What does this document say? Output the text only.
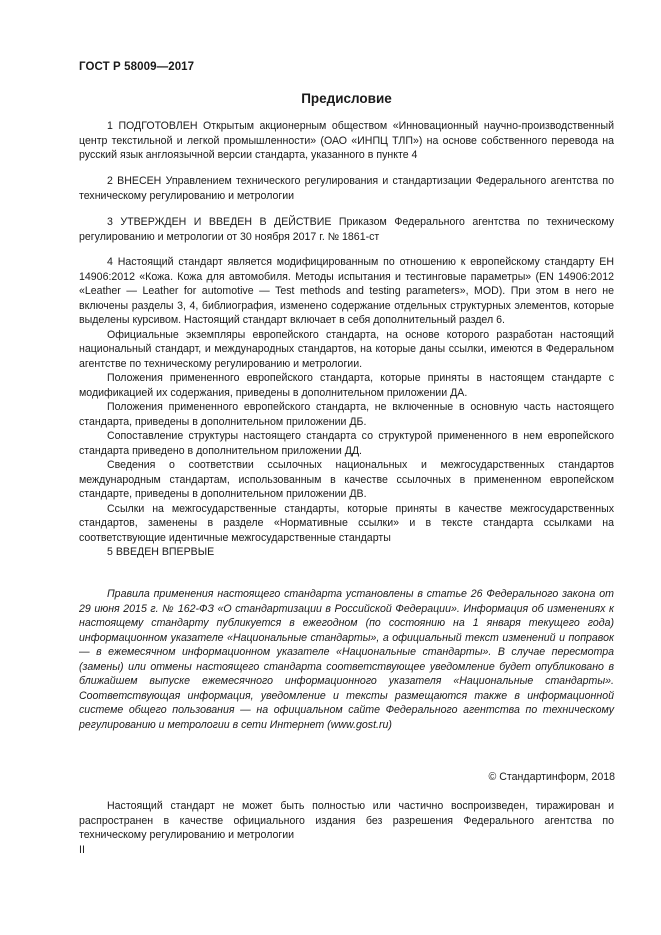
ГОСТ Р 58009—2017
Предисловие

1 ПОДГОТОВЛЕН Открытым акционерным обществом «Инновационный научно-производственный центр текстильной и легкой промышленности» (ОАО «ИНПЦ ТЛП») на основе собственного перевода на русский язык англоязычной версии стандарта, указанного в пункте 4

2 ВНЕСЕН Управлением технического регулирования и стандартизации Федерального агентства по техническому регулированию и метрологии

3 УТВЕРЖДЕН И ВВЕДЕН В ДЕЙСТВИЕ Приказом Федерального агентства по техническому регулированию и метрологии от 30 ноября 2017 г. № 1861-ст

4 Настоящий стандарт является модифицированным по отношению к европейскому стандарту ЕН 14906:2012 «Кожа. Кожа для автомобиля. Методы испытания и тестинговые параметры» (EN 14906:2012 «Leather — Leather for automotive — Test methods and testing parameters», MOD). При этом в него не включены разделы 3, 4, библиография, изменено содержание отдельных структурных элементов, которые выделены курсивом. Настоящий стандарт включает в себя дополнительный раздел 6.

Официальные экземпляры европейского стандарта, на основе которого разработан настоящий национальный стандарт, и международных стандартов, на которые даны ссылки, имеются в Федеральном агентстве по техническому регулированию и метрологии.

Положения примененного европейского стандарта, которые приняты в настоящем стандарте с модификацией их содержания, приведены в дополнительном приложении ДА.

Положения примененного европейского стандарта, не включенные в основную часть настоящего стандарта, приведены в дополнительном приложении ДБ.

Сопоставление структуры настоящего стандарта со структурой примененного в нем европейского стандарта приведено в дополнительном приложении ДД.

Сведения о соответствии ссылочных национальных и межгосударственных стандартов международным стандартам, использованным в качестве ссылочных в примененном европейском стандарте, приведены в дополнительном приложении ДВ.

Ссылки на межгосударственные стандарты, которые приняты в качестве межгосударственных стандартов, заменены в разделе «Нормативные ссылки» и в тексте стандарта ссылками на соответствующие идентичные межгосударственные стандарты

5 ВВЕДЕН ВПЕРВЫЕ

Правила применения настоящего стандарта установлены в статье 26 Федерального закона от 29 июня 2015 г. № 162-ФЗ «О стандартизации в Российской Федерации». Информация об изменениях к настоящему стандарту публикуется в ежегодном (по состоянию на 1 января текущего года) информационном указателе «Национальные стандарты», а официальный текст изменений и поправок — в ежемесячном информационном указателе «Национальные стандарты». В случае пересмотра (замены) или отмены настоящего стандарта соответствующее уведомление будет опубликовано в ближайшем выпуске ежемесячного информационного указателя «Национальные стандарты». Соответствующая информация, уведомление и тексты размещаются также в информационной системе общего пользования — на официальном сайте Федерального агентства по техническому регулированию и метрологии в сети Интернет (www.gost.ru)

© Стандартинформ, 2018

Настоящий стандарт не может быть полностью или частично воспроизведен, тиражирован и распространен в качестве официального издания без разрешения Федерального агентства по техническому регулированию и метрологии

II
